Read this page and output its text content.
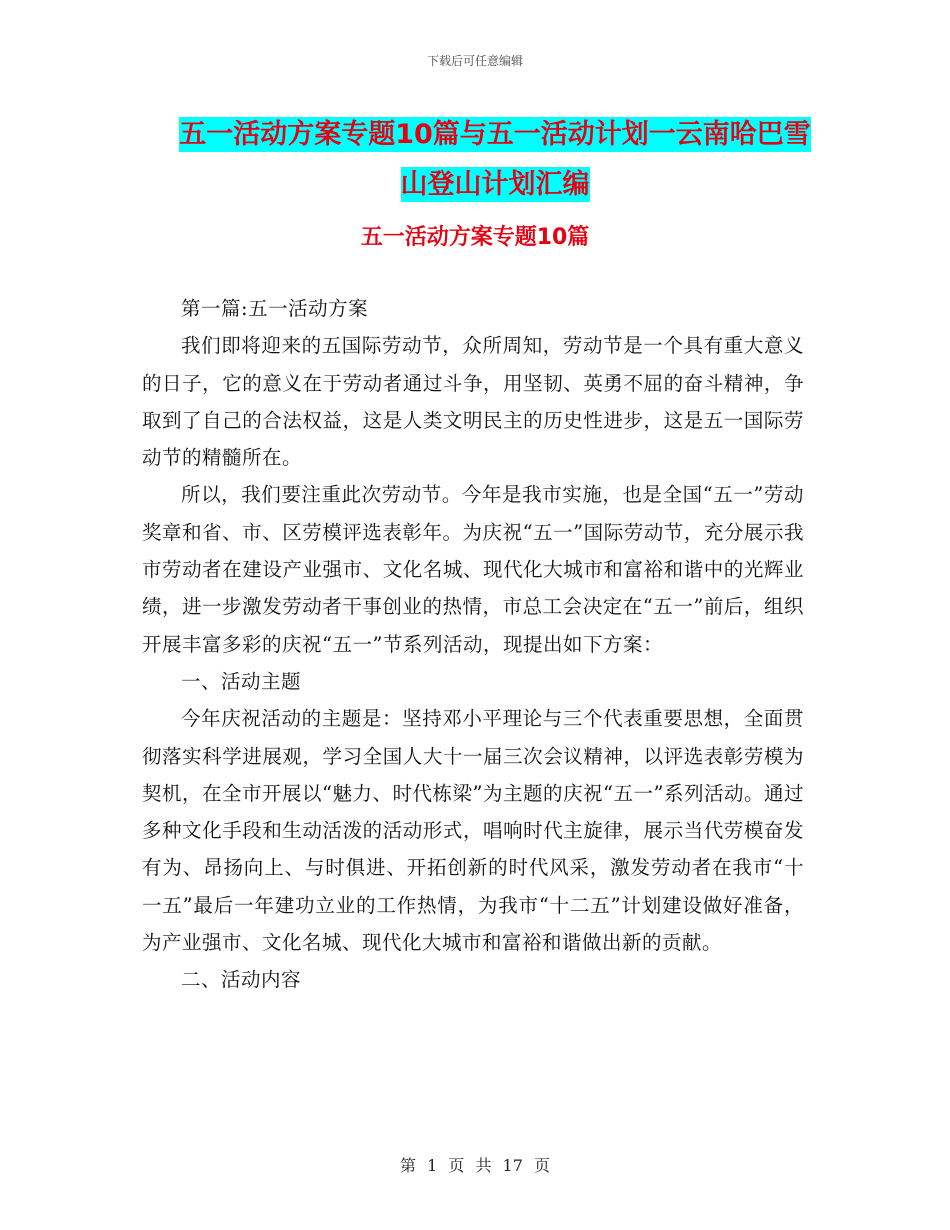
下载后可任意编辑
五一活动方案专题10篇与五一活动计划一云南哈巴雪
山登山计划汇编
五一活动方案专题10篇

第一篇:五一活动方案

我们即将迎来的五国际劳动节，众所周知，劳动节是一个具有重大意义的日子，它的意义在于劳动者通过斗争，用坚韧、英勇不屈的奋斗精神，争取到了自己的合法权益，这是人类文明民主的历史性进步，这是五一国际劳动节的精髓所在。

所以，我们要注重此次劳动节。今年是我市实施，也是全国“五一”劳动奖章和省、市、区劳模评选表彰年。为庆祝“五一”国际劳动节，充分展示我市劳动者在建设产业强市、文化名城、现代化大城市和富裕和谐中的光辉业绩，进一步激发劳动者干事创业的热情，市总工会决定在“五一”前后，组织开展丰富多彩的庆祝“五一”节系列活动，现提出如下方案：

一、活动主题

今年庆祝活动的主题是：坚持邓小平理论与三个代表重要思想，全面贯彻落实科学进展观，学习全国人大十一届三次会议精神，以评选表彰劳模为契机，在全市开展以“魅力、时代栋梁”为主题的庆祝“五一”系列活动。通过多种文化手段和生动活泼的活动形式，唱响时代主旋律，展示当代劳模奋发有为、昂扬向上、与时俱进、开拓创新的时代风采，激发劳动者在我市“十一五”最后一年建功立业的工作热情，为我市“十二五”计划建设做好准备，为产业强市、文化名城、现代化大城市和富裕和谐做出新的贡献。

二、活动内容

第 1 页 共 17 页
